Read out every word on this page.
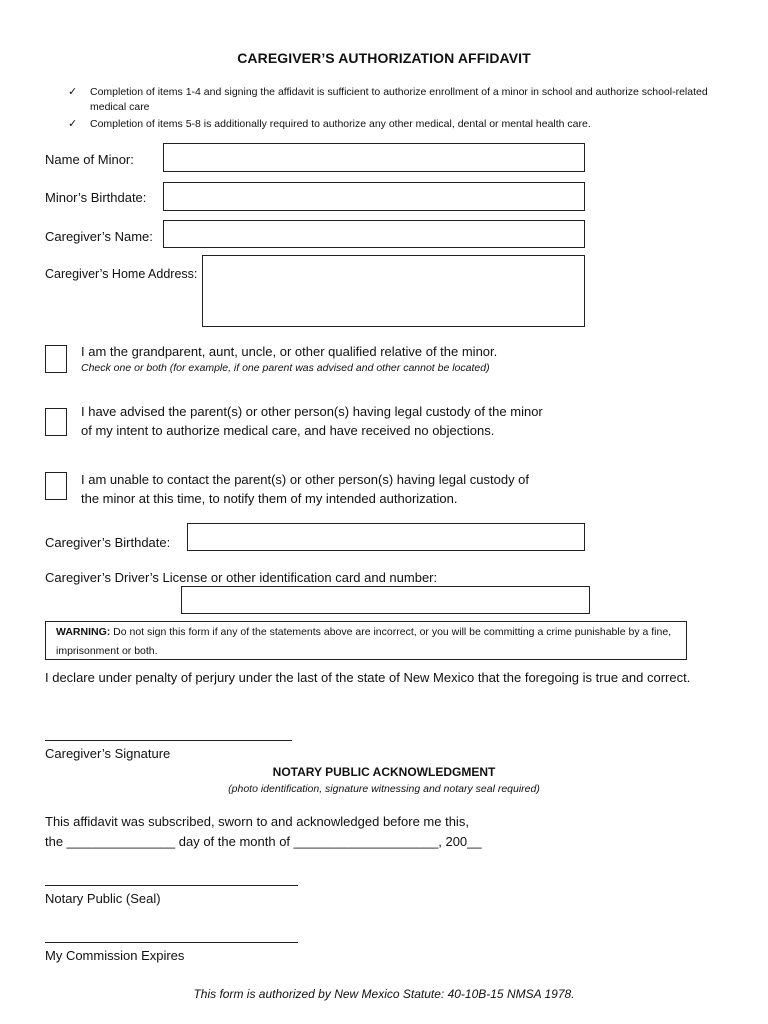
CAREGIVER’S AUTHORIZATION AFFIDAVIT
✓	Completion of items 1-4 and signing the affidavit is sufficient to authorize enrollment of a minor in school and authorize school-related medical care
✓	Completion of items 5-8 is additionally required to authorize any other medical, dental or mental health care.
Name of Minor:
Minor’s Birthdate:
Caregiver’s Name:
Caregiver’s Home Address:
I am the grandparent, aunt, uncle, or other qualified relative of the minor.
Check one or both (for example, if one parent was advised and other cannot be located)
I have advised the parent(s) or other person(s) having legal custody of the minor
of my intent to authorize medical care, and have received no objections.
I am unable to contact the parent(s) or other person(s) having legal custody of
the minor at this time, to notify them of my intended authorization.
Caregiver’s Birthdate:
Caregiver’s Driver’s License or other identification card and number:
WARNING: Do not sign this form if any of the statements above are incorrect, or you will be committing a crime punishable by a fine, imprisonment or both.
I declare under penalty of perjury under the last of the state of New Mexico that the foregoing is true and correct.
Caregiver’s Signature
NOTARY PUBLIC ACKNOWLEDGMENT
(photo identification, signature witnessing and notary seal required)
This affidavit was subscribed, sworn to and acknowledged before me this,
the _______________ day of the month of ____________________, 200__
Notary Public (Seal)
My Commission Expires
This form is authorized by New Mexico Statute: 40-10B-15 NMSA 1978.
